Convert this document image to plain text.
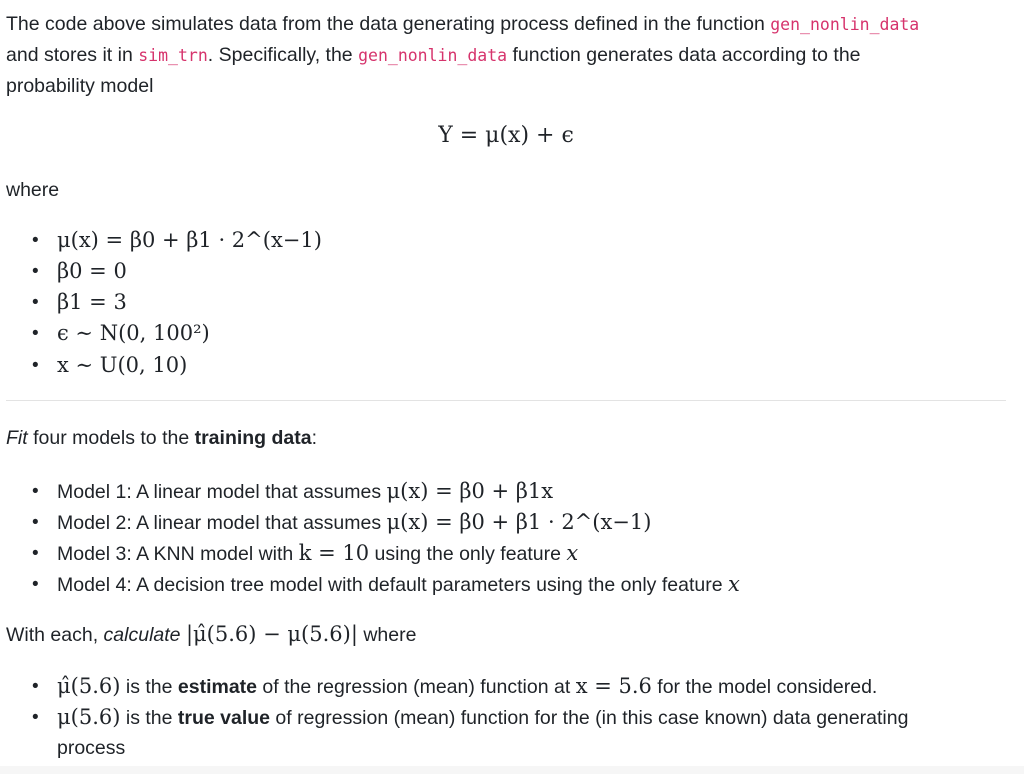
The code above simulates data from the data generating process defined in the function gen_nonlin_data
and stores it in sim_trn. Specifically, the gen_nonlin_data function generates data according to the
probability model
Y = μ(x) + ϵ
where
• μ(x) = β0 + β1 · 2^(x−1)
• β0 = 0
• β1 = 3
• ϵ ∼ N(0, 100²)
• x ∼ U(0, 10)
Fit four models to the training data:
• Model 1: A linear model that assumes μ(x) = β0 + β1x
• Model 2: A linear model that assumes μ(x) = β0 + β1 · 2^(x−1)
• Model 3: A KNN model with k = 10 using the only feature x
• Model 4: A decision tree model with default parameters using the only feature x
With each, calculate |μ̂(5.6) − μ(5.6)| where
• μ̂(5.6) is the estimate of the regression (mean) function at x = 5.6 for the model considered.
• μ(5.6) is the true value of regression (mean) function for the (in this case known) data generating
process
